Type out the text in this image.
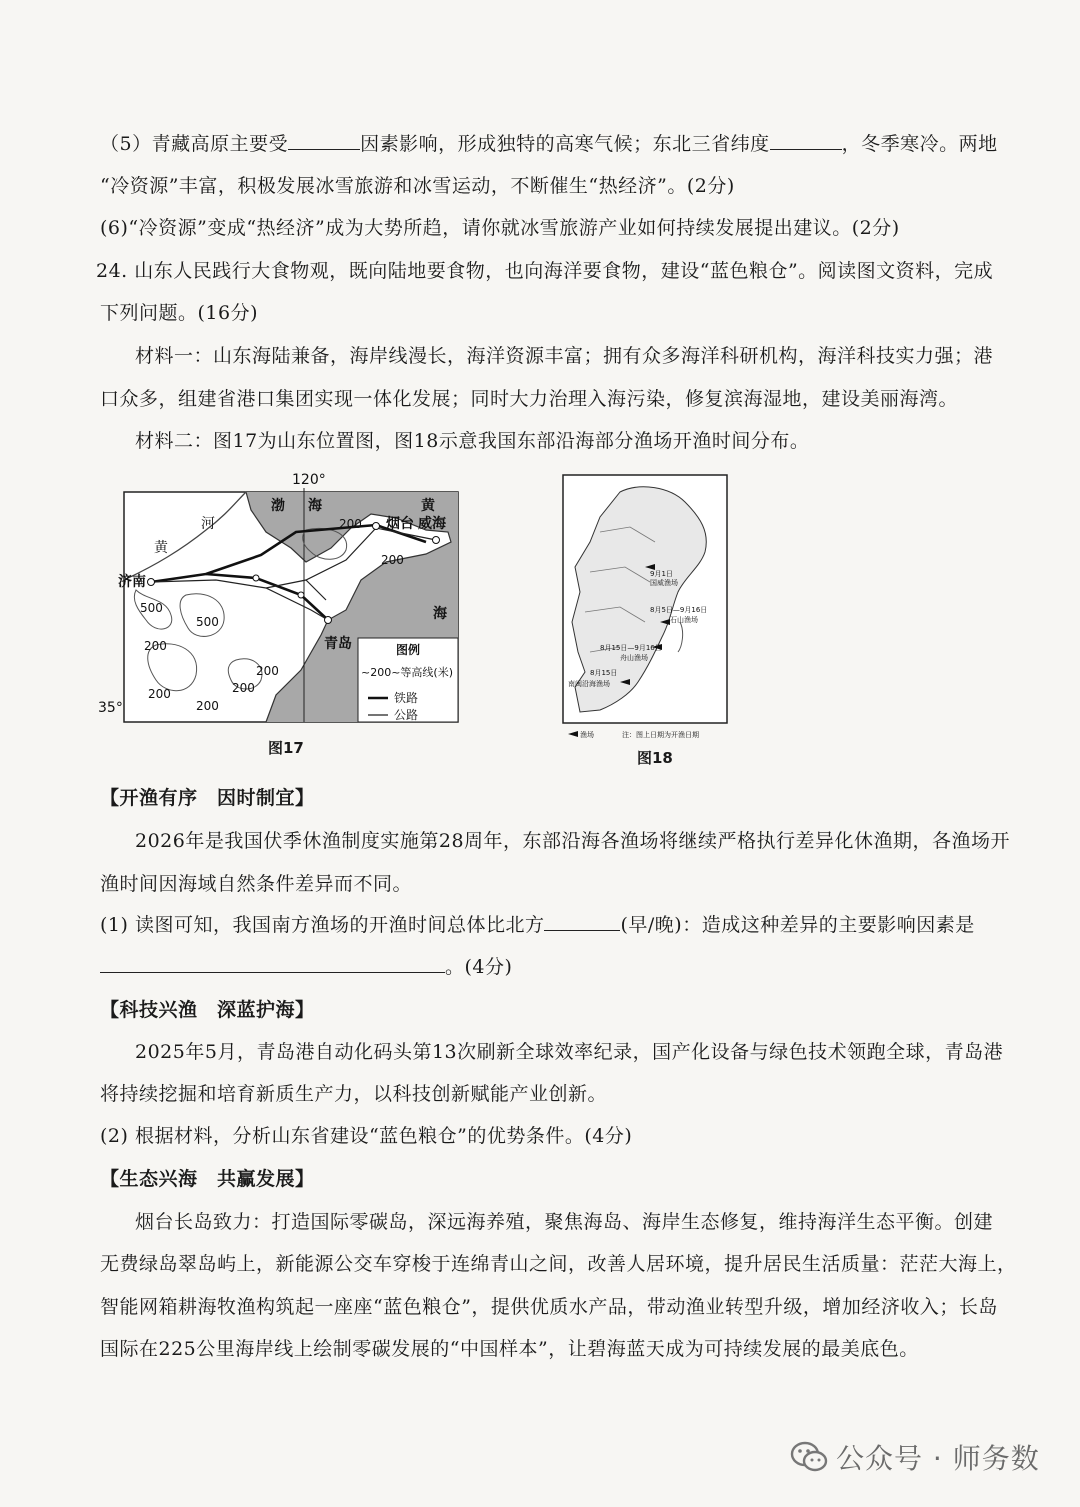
（5）青藏高原主要受	因素影响，形成独特的高寒气候；东北三省纬度	，冬季寒冷。两地
“冷资源”丰富，积极发展冰雪旅游和冰雪运动，不断催生“热经济”。(2分)
(6)“冷资源”变成“热经济”成为大势所趋，请你就冰雪旅游产业如何持续发展提出建议。(2分)
24. 山东人民践行大食物观，既向陆地要食物，也向海洋要食物，建设“蓝色粮仓”。阅读图文资料，完成
下列问题。(16分)
材料一：山东海陆兼备，海岸线漫长，海洋资源丰富；拥有众多海洋科研机构，海洋科技实力强；港
口众多，组建省港口集团实现一体化发展；同时大力治理入海污染，修复滨海湿地，建设美丽海湾。
材料二：图17为山东位置图，图18示意我国东部沿海部分渔场开渔时间分布。
120°
35°
渤 海	黄
海
河
黄
济南
烟台 威海
青岛
200
200
500
500
200
200
200
200
200
图例
~200~等高线(米)
铁路
公路
图17
9月1日
国威渔场
8月5日—9月16日
石山渔场
8月15日—9月16日
舟山渔场
8月15日
南闽沿海渔场
渔场	注：图上日期为开渔日期
图18
【开渔有序　因时制宜】
2026年是我国伏季休渔制度实施第28周年，东部沿海各渔场将继续严格执行差异化休渔期，各渔场开
渔时间因海域自然条件差异而不同。
(1) 读图可知，我国南方渔场的开渔时间总体比北方	(早/晚)：造成这种差异的主要影响因素是
。(4分)
【科技兴渔　深蓝护海】
2025年5月，青岛港自动化码头第13次刷新全球效率纪录，国产化设备与绿色技术领跑全球，青岛港
将持续挖掘和培育新质生产力，以科技创新赋能产业创新。
(2) 根据材料，分析山东省建设“蓝色粮仓”的优势条件。(4分)
【生态兴海　共赢发展】
烟台长岛致力：打造国际零碳岛，深远海养殖，聚焦海岛、海岸生态修复，维持海洋生态平衡。创建
无费绿岛翠岛屿上，新能源公交车穿梭于连绵青山之间，改善人居环境，提升居民生活质量：茫茫大海上，
智能网箱耕海牧渔构筑起一座座“蓝色粮仓”，提供优质水产品，带动渔业转型升级，增加经济收入；长岛
国际在225公里海岸线上绘制零碳发展的“中国样本”，让碧海蓝天成为可持续发展的最美底色。
公众号 · 师务数
